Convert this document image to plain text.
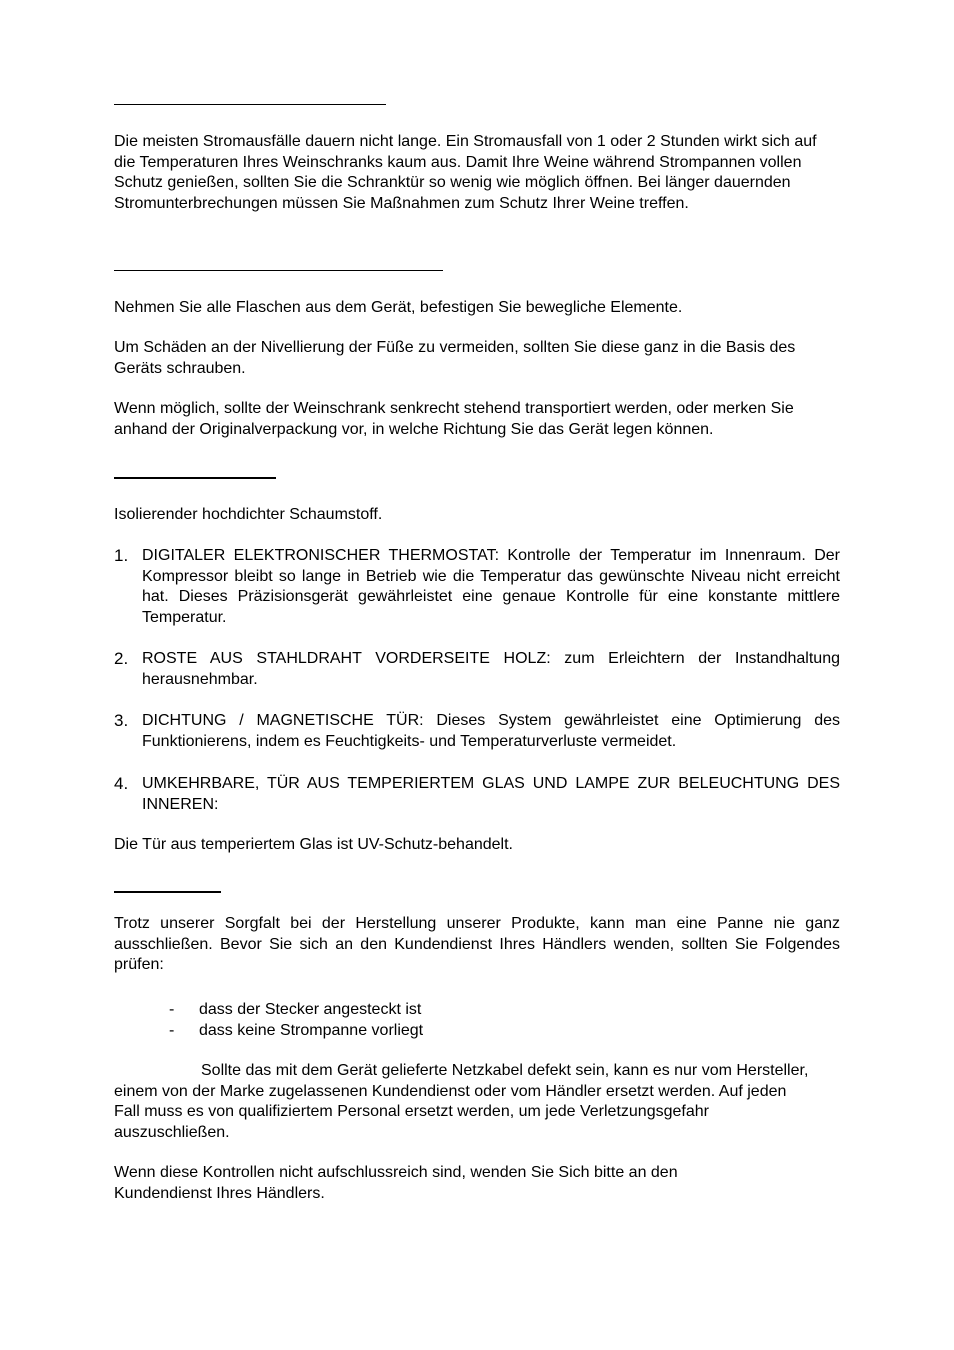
Die meisten Stromausfälle dauern nicht lange. Ein Stromausfall von 1 oder 2 Stunden wirkt sich auf die Temperaturen Ihres Weinschranks kaum aus. Damit Ihre Weine während Strompannen vollen Schutz genießen, sollten Sie die Schranktür so wenig wie möglich öffnen. Bei länger dauernden Stromunterbrechungen müssen Sie Maßnahmen zum Schutz Ihrer Weine treffen.

Nehmen Sie alle Flaschen aus dem Gerät, befestigen Sie bewegliche Elemente.

Um Schäden an der Nivellierung der Füße zu vermeiden, sollten Sie diese ganz in die Basis des Geräts schrauben.

Wenn möglich, sollte der Weinschrank senkrecht stehend transportiert werden, oder merken Sie anhand der Originalverpackung vor, in welche Richtung Sie das Gerät legen können.

Isolierender hochdichter Schaumstoff.

1. DIGITALER ELEKTRONISCHER THERMOSTAT: Kontrolle der Temperatur im Innenraum. Der Kompressor bleibt so lange in Betrieb wie die Temperatur das gewünschte Niveau nicht erreicht hat. Dieses Präzisionsgerät gewährleistet eine genaue Kontrolle für eine konstante mittlere Temperatur.

2. ROSTE AUS STAHLDRAHT VORDERSEITE HOLZ: zum Erleichtern der Instandhaltung herausnehmbar.

3. DICHTUNG / MAGNETISCHE TÜR: Dieses System gewährleistet eine Optimierung des Funktionierens, indem es Feuchtigkeits- und Temperaturverluste vermeidet.

4. UMKEHRBARE, TÜR AUS TEMPERIERTEM GLAS UND LAMPE ZUR BELEUCHTUNG DES INNEREN:

Die Tür aus temperiertem Glas ist UV-Schutz-behandelt.

Trotz unserer Sorgfalt bei der Herstellung unserer Produkte, kann man eine Panne nie ganz ausschließen. Bevor Sie sich an den Kundendienst Ihres Händlers wenden, sollten Sie Folgendes prüfen:

- dass der Stecker angesteckt ist
- dass keine Strompanne vorliegt

Sollte das mit dem Gerät gelieferte Netzkabel defekt sein, kann es nur vom Hersteller, einem von der Marke zugelassenen Kundendienst oder vom Händler ersetzt werden. Auf jeden Fall muss es von qualifiziertem Personal ersetzt werden, um jede Verletzungsgefahr auszuschließen.

Wenn diese Kontrollen nicht aufschlussreich sind, wenden Sie Sich bitte an den Kundendienst Ihres Händlers.
